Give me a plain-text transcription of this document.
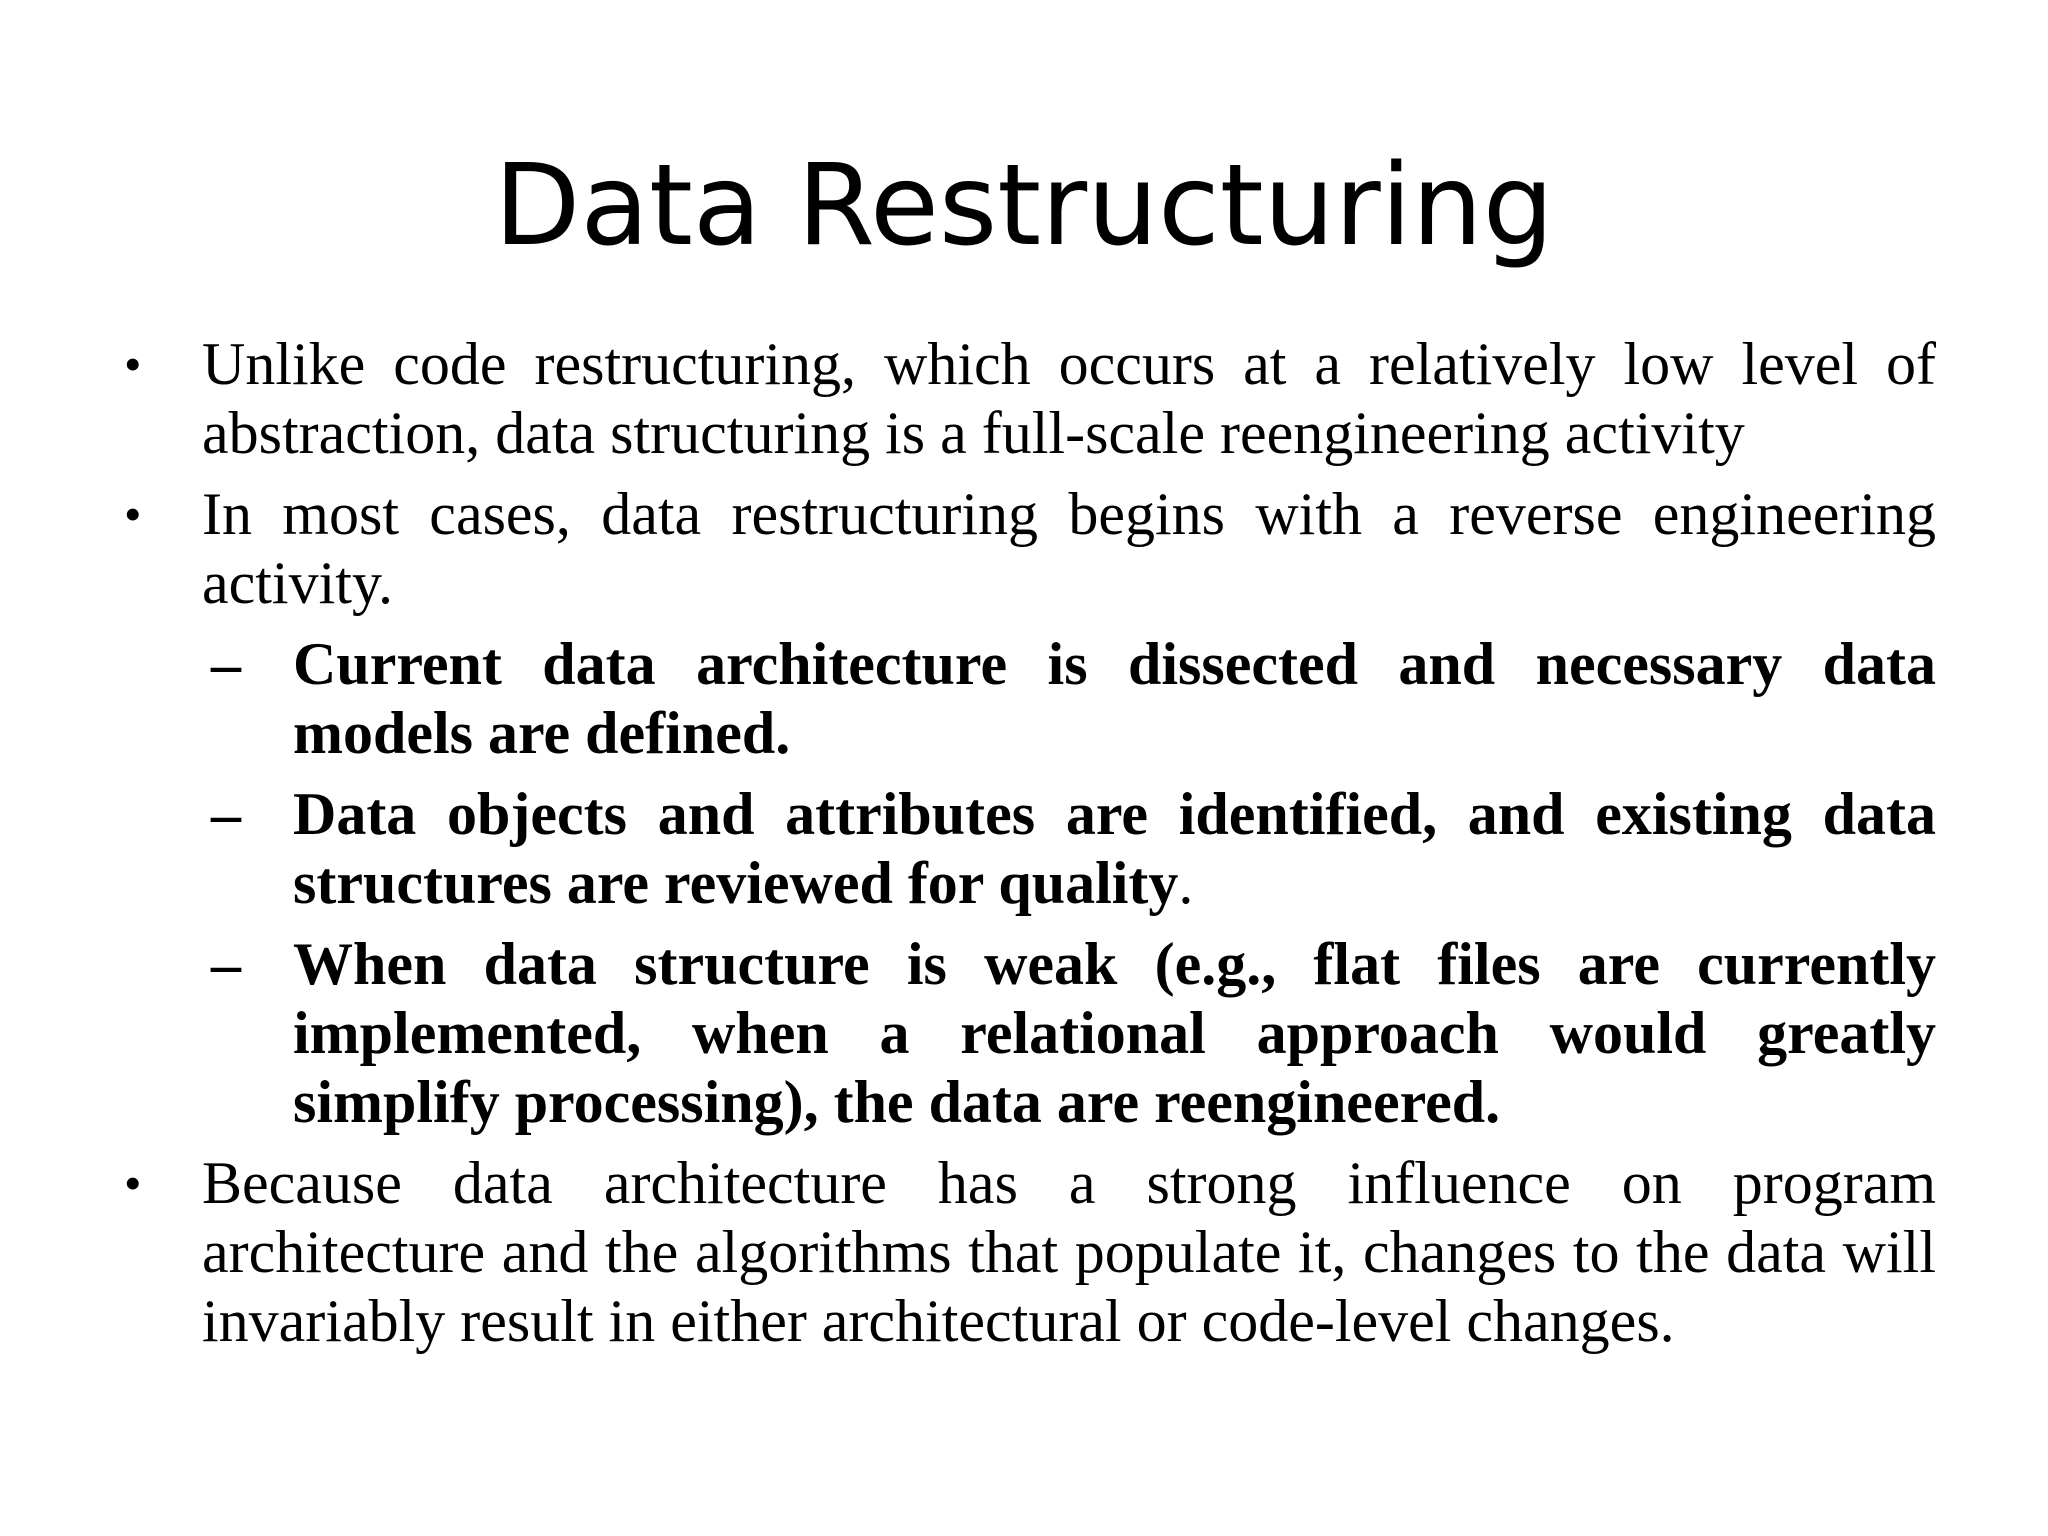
Data Restructuring
• Unlike code restructuring, which occurs at a relatively low level of abstraction, data structuring is a full-scale reengineering activity
• In most cases, data restructuring begins with a reverse engineering activity.
– Current data architecture is dissected and necessary data models are defined.
– Data objects and attributes are identified, and existing data structures are reviewed for quality.
– When data structure is weak (e.g., flat files are currently implemented, when a relational approach would greatly simplify processing), the data are reengineered.
• Because data architecture has a strong influence on program architecture and the algorithms that populate it, changes to the data will invariably result in either architectural or code-level changes.
